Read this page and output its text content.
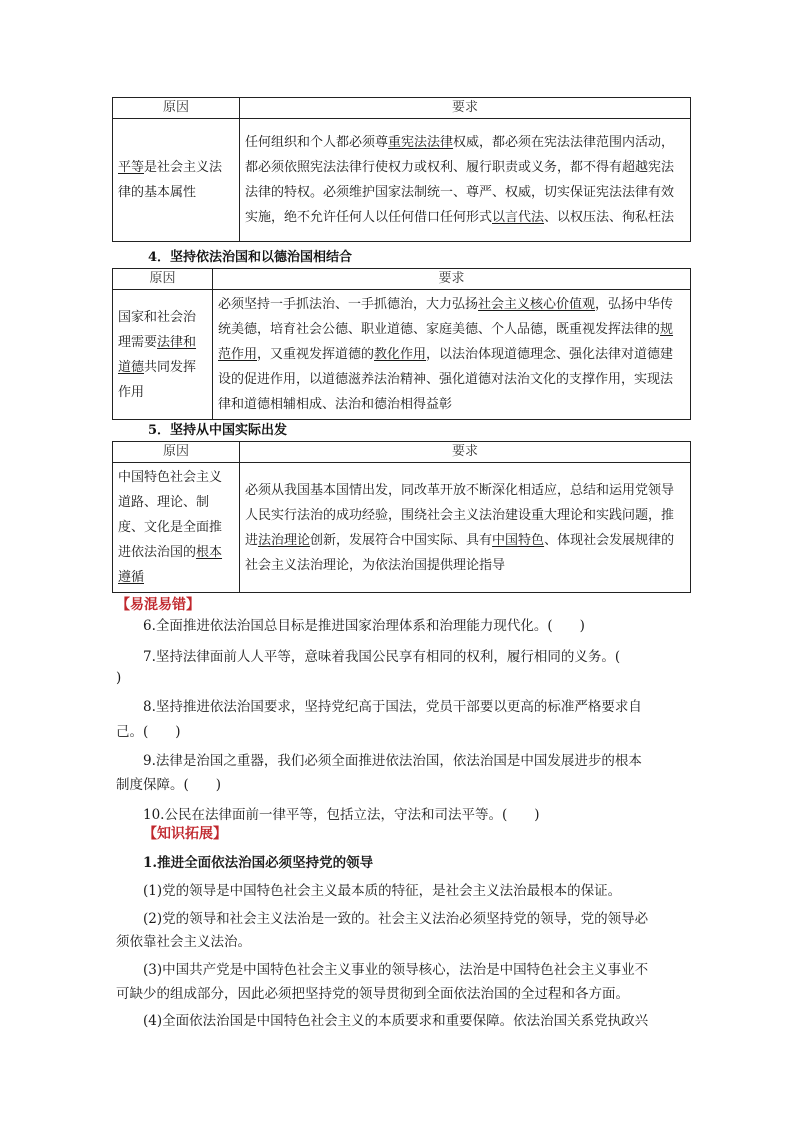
原因	要求
平等是社会主义法律的基本属性	任何组织和个人都必须尊重宪法法律权威，都必须在宪法法律范围内活动，都必须依照宪法法律行使权力或权利、履行职责或义务，都不得有超越宪法法律的特权。必须维护国家法制统一、尊严、权威，切实保证宪法法律有效实施，绝不允许任何人以任何借口任何形式以言代法、以权压法、徇私枉法
4．坚持依法治国和以德治国相结合
原因	要求
国家和社会治理需要法律和道德共同发挥作用	必须坚持一手抓法治、一手抓德治，大力弘扬社会主义核心价值观，弘扬中华传统美德，培育社会公德、职业道德、家庭美德、个人品德，既重视发挥法律的规范作用，又重视发挥道德的教化作用，以法治体现道德理念、强化法律对道德建设的促进作用，以道德滋养法治精神、强化道德对法治文化的支撑作用，实现法律和道德相辅相成、法治和德治相得益彰
5．坚持从中国实际出发
原因	要求
中国特色社会主义道路、理论、制度、文化是全面推进依法治国的根本遵循	必须从我国基本国情出发，同改革开放不断深化相适应，总结和运用党领导人民实行法治的成功经验，围绕社会主义法治建设重大理论和实践问题，推进法治理论创新，发展符合中国实际、具有中国特色、体现社会发展规律的社会主义法治理论，为依法治国提供理论指导
【易混易错】
6.全面推进依法治国总目标是推进国家治理体系和治理能力现代化。(　　)
7.坚持法律面前人人平等，意味着我国公民享有相同的权利，履行相同的义务。(
)
8.坚持推进依法治国要求，坚持党纪高于国法，党员干部要以更高的标准严格要求自
己。(　　)
9.法律是治国之重器，我们必须全面推进依法治国，依法治国是中国发展进步的根本
制度保障。(　　)
10.公民在法律面前一律平等，包括立法，守法和司法平等。(　　)
【知识拓展】
1.推进全面依法治国必须坚持党的领导
(1)党的领导是中国特色社会主义最本质的特征，是社会主义法治最根本的保证。
(2)党的领导和社会主义法治是一致的。社会主义法治必须坚持党的领导，党的领导必
须依靠社会主义法治。
(3)中国共产党是中国特色社会主义事业的领导核心，法治是中国特色社会主义事业不
可缺少的组成部分，因此必须把坚持党的领导贯彻到全面依法治国的全过程和各方面。
(4)全面依法治国是中国特色社会主义的本质要求和重要保障。依法治国关系党执政兴
